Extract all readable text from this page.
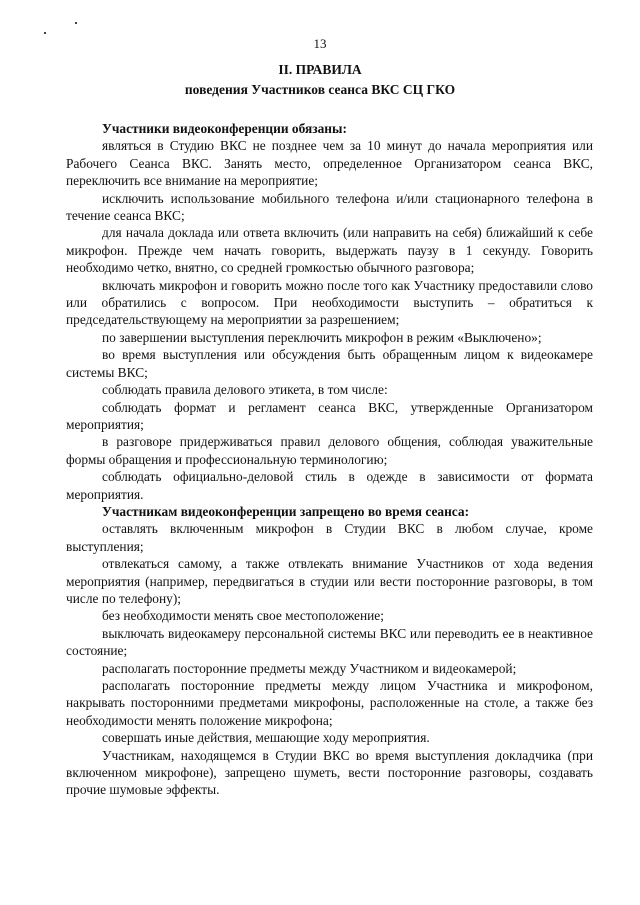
13
II. ПРАВИЛА
поведения Участников сеанса ВКС СЦ ГКО

Участники видеоконференции обязаны:

являться в Студию ВКС не позднее чем за 10 минут до начала мероприятия или Рабочего Сеанса ВКС. Занять место, определенное Организатором сеанса ВКС, переключить все внимание на мероприятие;

исключить использование мобильного телефона и/или стационарного телефона в течение сеанса ВКС;

для начала доклада или ответа включить (или направить на себя) ближайший к себе микрофон. Прежде чем начать говорить, выдержать паузу в 1 секунду. Говорить необходимо четко, внятно, со средней громкостью обычного разговора;

включать микрофон и говорить можно после того как Участнику предоставили слово или обратились с вопросом. При необходимости выступить – обратиться к председательствующему на мероприятии за разрешением;

по завершении выступления переключить микрофон в режим «Выключено»;

во время выступления или обсуждения быть обращенным лицом к видеокамере системы ВКС;

соблюдать правила делового этикета, в том числе:

соблюдать формат и регламент сеанса ВКС, утвержденные Организатором мероприятия;

в разговоре придерживаться правил делового общения, соблюдая уважительные формы обращения и профессиональную терминологию;

соблюдать официально-деловой стиль в одежде в зависимости от формата мероприятия.

Участникам видеоконференции запрещено во время сеанса:

оставлять включенным микрофон в Студии ВКС в любом случае, кроме выступления;

отвлекаться самому, а также отвлекать внимание Участников от хода ведения мероприятия (например, передвигаться в студии или вести посторонние разговоры, в том числе по телефону);

без необходимости менять свое местоположение;

выключать видеокамеру персональной системы ВКС или переводить ее в неактивное состояние;

располагать посторонние предметы между Участником и видеокамерой;

располагать посторонние предметы между лицом Участника и микрофоном, накрывать посторонними предметами микрофоны, расположенные на столе, а также без необходимости менять положение микрофона;

совершать иные действия, мешающие ходу мероприятия.

Участникам, находящемся в Студии ВКС во время выступления докладчика (при включенном микрофоне), запрещено шуметь, вести посторонние разговоры, создавать прочие шумовые эффекты.
